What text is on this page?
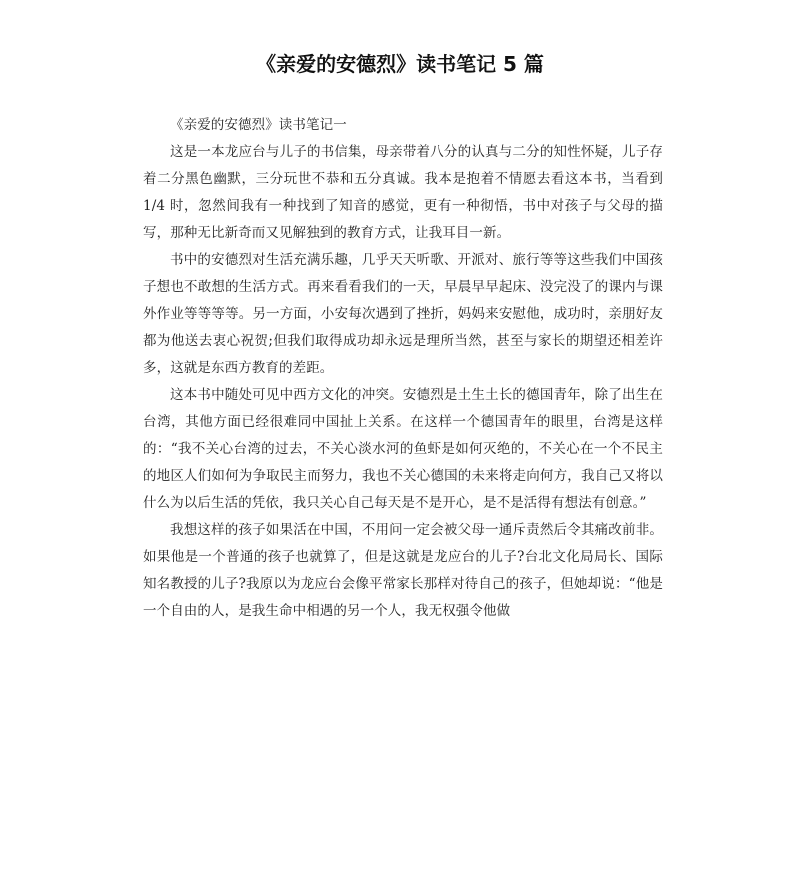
《亲爱的安德烈》读书笔记 5 篇

《亲爱的安德烈》读书笔记一

这是一本龙应台与儿子的书信集，母亲带着八分的认真与二分的知性怀疑，儿子存着二分黑色幽默，三分玩世不恭和五分真诚。我本是抱着不情愿去看这本书，当看到 1/4 时，忽然间我有一种找到了知音的感觉，更有一种彻悟，书中对孩子与父母的描写，那种无比新奇而又见解独到的教育方式，让我耳目一新。

书中的安德烈对生活充满乐趣，几乎天天听歌、开派对、旅行等等这些我们中国孩子想也不敢想的生活方式。再来看看我们的一天，早晨早早起床、没完没了的课内与课外作业等等等等。另一方面，小安每次遇到了挫折，妈妈来安慰他，成功时，亲朋好友都为他送去衷心祝贺;但我们取得成功却永远是理所当然，甚至与家长的期望还相差许多，这就是东西方教育的差距。

这本书中随处可见中西方文化的冲突。安德烈是土生土长的德国青年，除了出生在台湾，其他方面已经很难同中国扯上关系。在这样一个德国青年的眼里，台湾是这样的：“我不关心台湾的过去，不关心淡水河的鱼虾是如何灭绝的，不关心在一个不民主的地区人们如何为争取民主而努力，我也不关心德国的未来将走向何方，我自己又将以什么为以后生活的凭依，我只关心自己每天是不是开心，是不是活得有想法有创意。”

我想这样的孩子如果活在中国，不用问一定会被父母一通斥责然后令其痛改前非。如果他是一个普通的孩子也就算了，但是这就是龙应台的儿子?台北文化局局长、国际知名教授的儿子?我原以为龙应台会像平常家长那样对待自己的孩子，但她却说：“他是一个自由的人，是我生命中相遇的另一个人，我无权强令他做
